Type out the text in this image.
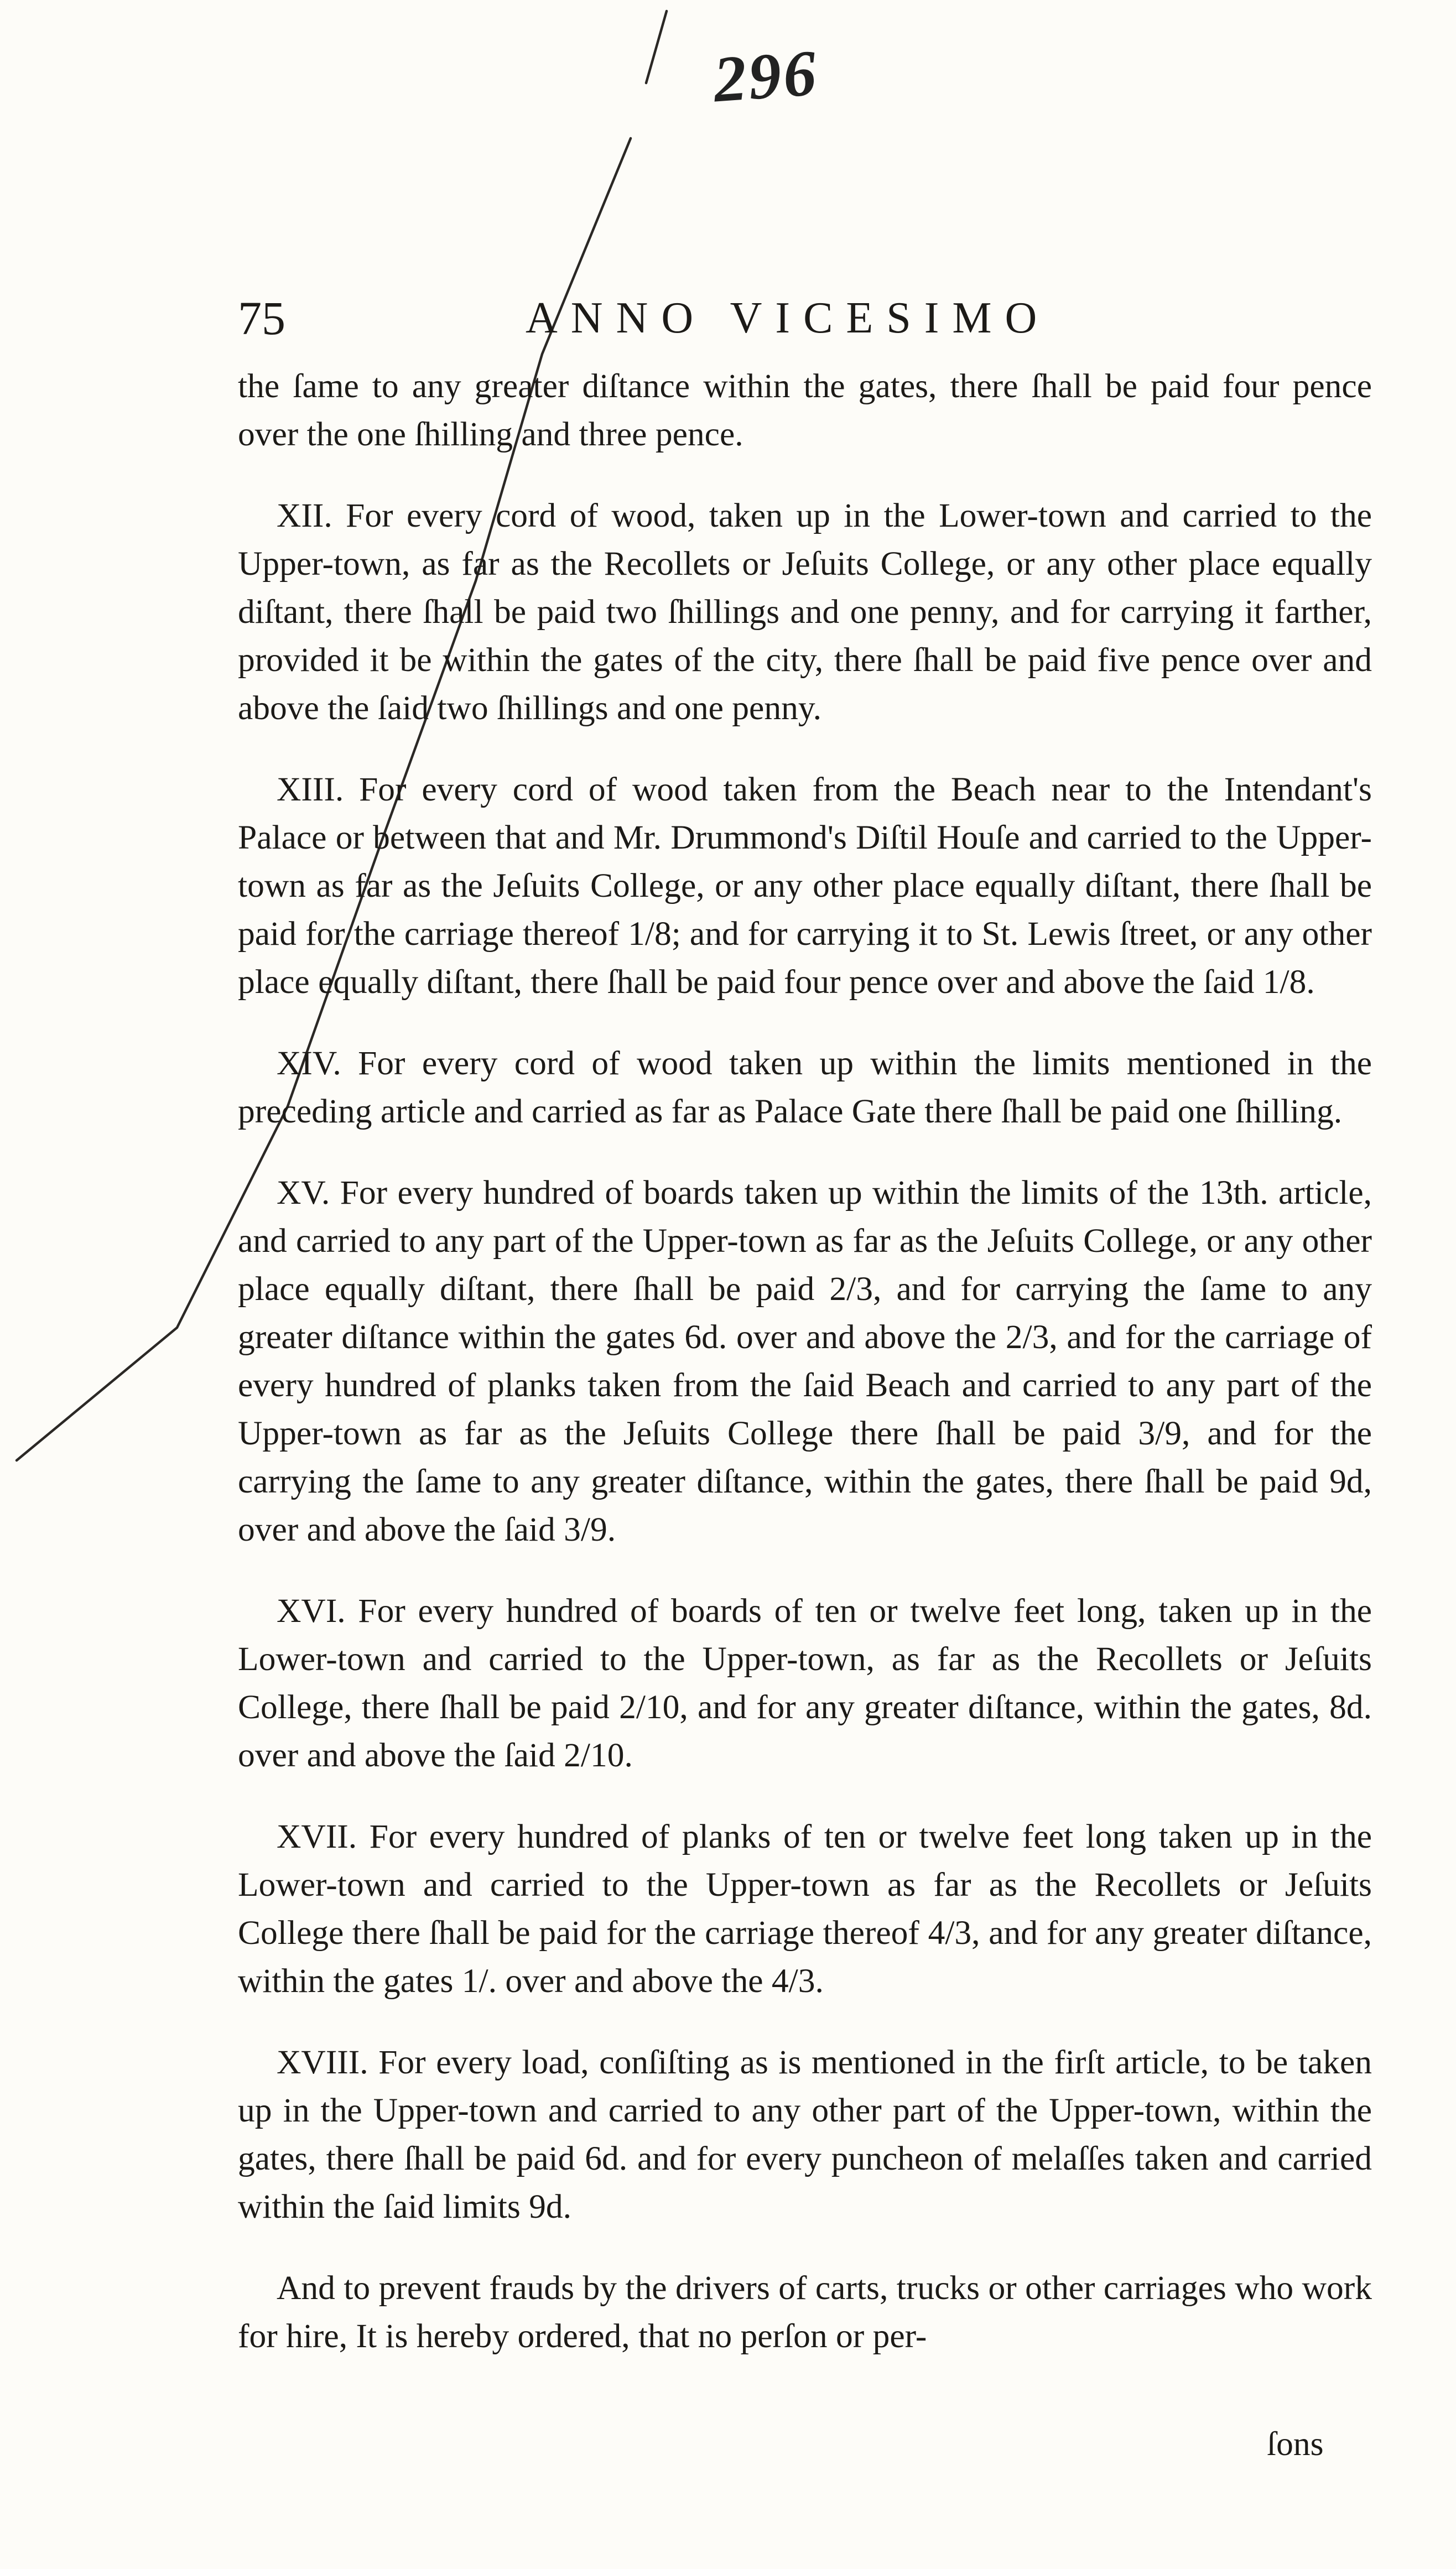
296
75	ANNO VICESIMO

the ſame to any greater diſtance within the gates, there ſhall be paid four pence over the one ſhilling and three pence.

XII. For every cord of wood, taken up in the Lower-town and carried to the Upper-town, as far as the Recollets or Jeſuits College, or any other place equally diſtant, there ſhall be paid two ſhillings and one penny, and for carrying it farther, provided it be within the gates of the city, there ſhall be paid five pence over and above the ſaid two ſhillings and one penny.

XIII. For every cord of wood taken from the Beach near to the Intendant's Palace or between that and Mr. Drummond's Diſtil Houſe and carried to the Upper-town as far as the Jeſuits College, or any other place equally diſtant, there ſhall be paid for the carriage thereof 1/8; and for carrying it to St. Lewis ſtreet, or any other place equally diſtant, there ſhall be paid four pence over and above the ſaid 1/8.

XIV. For every cord of wood taken up within the limits mentioned in the preceding article and carried as far as Palace Gate there ſhall be paid one ſhilling.

XV. For every hundred of boards taken up within the limits of the 13th. article, and carried to any part of the Upper-town as far as the Jeſuits College, or any other place equally diſtant, there ſhall be paid 2/3, and for carrying the ſame to any greater diſtance within the gates 6d. over and above the 2/3, and for the carriage of every hundred of planks taken from the ſaid Beach and carried to any part of the Upper-town as far as the Jeſuits College there ſhall be paid 3/9, and for the carrying the ſame to any greater diſtance, within the gates, there ſhall be paid 9d, over and above the ſaid 3/9.

XVI. For every hundred of boards of ten or twelve feet long, taken up in the Lower-town and carried to the Upper-town, as far as the Recollets or Jeſuits College, there ſhall be paid 2/10, and for any greater diſtance, within the gates, 8d. over and above the ſaid 2/10.

XVII. For every hundred of planks of ten or twelve feet long taken up in the Lower-town and carried to the Upper-town as far as the Recollets or Jeſuits College there ſhall be paid for the carriage thereof 4/3, and for any greater diſtance, within the gates 1/. over and above the 4/3.

XVIII. For every load, conſiſting as is mentioned in the firſt article, to be taken up in the Upper-town and carried to any other part of the Upper-town, within the gates, there ſhall be paid 6d. and for every puncheon of melaſſes taken and carried within the ſaid limits 9d.

And to prevent frauds by the drivers of carts, trucks or other carriages who work for hire, It is hereby ordered, that no perſon or per-

ſons
